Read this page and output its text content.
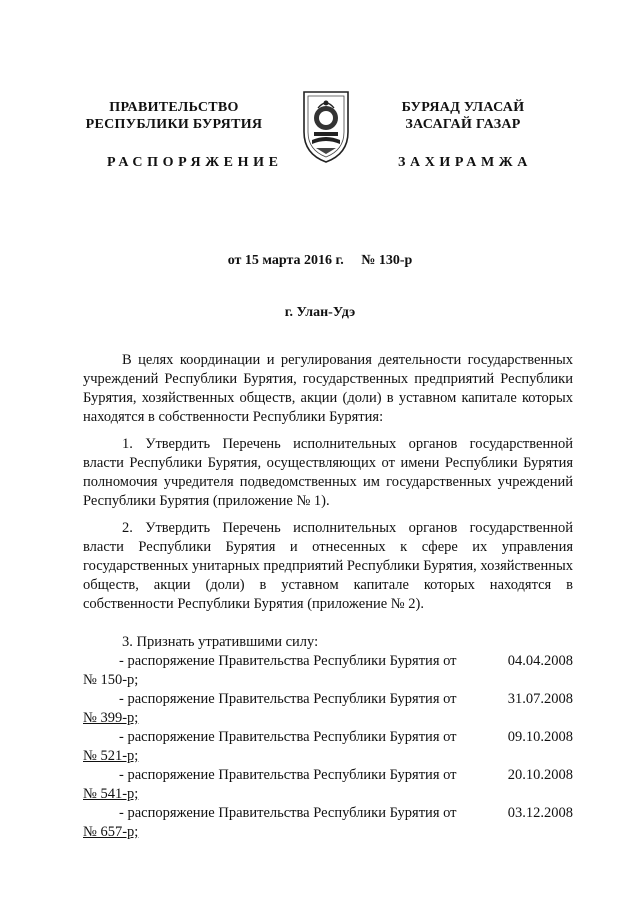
ПРАВИТЕЛЬСТВО
РЕСПУБЛИКИ БУРЯТИЯ
БУРЯАД УЛАСАЙ
ЗАСАГАЙ ГАЗАР
РАСПОРЯЖЕНИЕ	ЗАХИРАМЖА
от 15 марта 2016 г.     № 130-р
г. Улан-Удэ

В целях координации и регулирования деятельности государственных учреждений Республики Бурятия, государственных предприятий Республики Бурятия, хозяйственных обществ, акции (доли) в уставном капитале которых находятся в собственности Республики Бурятия:

1. Утвердить Перечень исполнительных органов государственной власти Республики Бурятия, осуществляющих от имени Республики Бурятия полномочия учредителя подведомственных им государственных учреждений Республики Бурятия (приложение № 1).

2. Утвердить Перечень исполнительных органов государственной власти Республики Бурятия и отнесенных к сфере их управления государственных унитарных предприятий Республики Бурятия, хозяйственных обществ, акции (доли) в уставном капитале которых находятся в собственности Республики Бурятия (приложение № 2).

3. Признать утратившими силу:
- распоряжение Правительства Республики Бурятия от	04.04.2008
№ 150-р;
- распоряжение Правительства Республики Бурятия от	31.07.2008
№ 399-р;
- распоряжение Правительства Республики Бурятия от	09.10.2008
№ 521-р;
- распоряжение Правительства Республики Бурятия от	20.10.2008
№ 541-р;
- распоряжение Правительства Республики Бурятия от	03.12.2008
№ 657-р;
